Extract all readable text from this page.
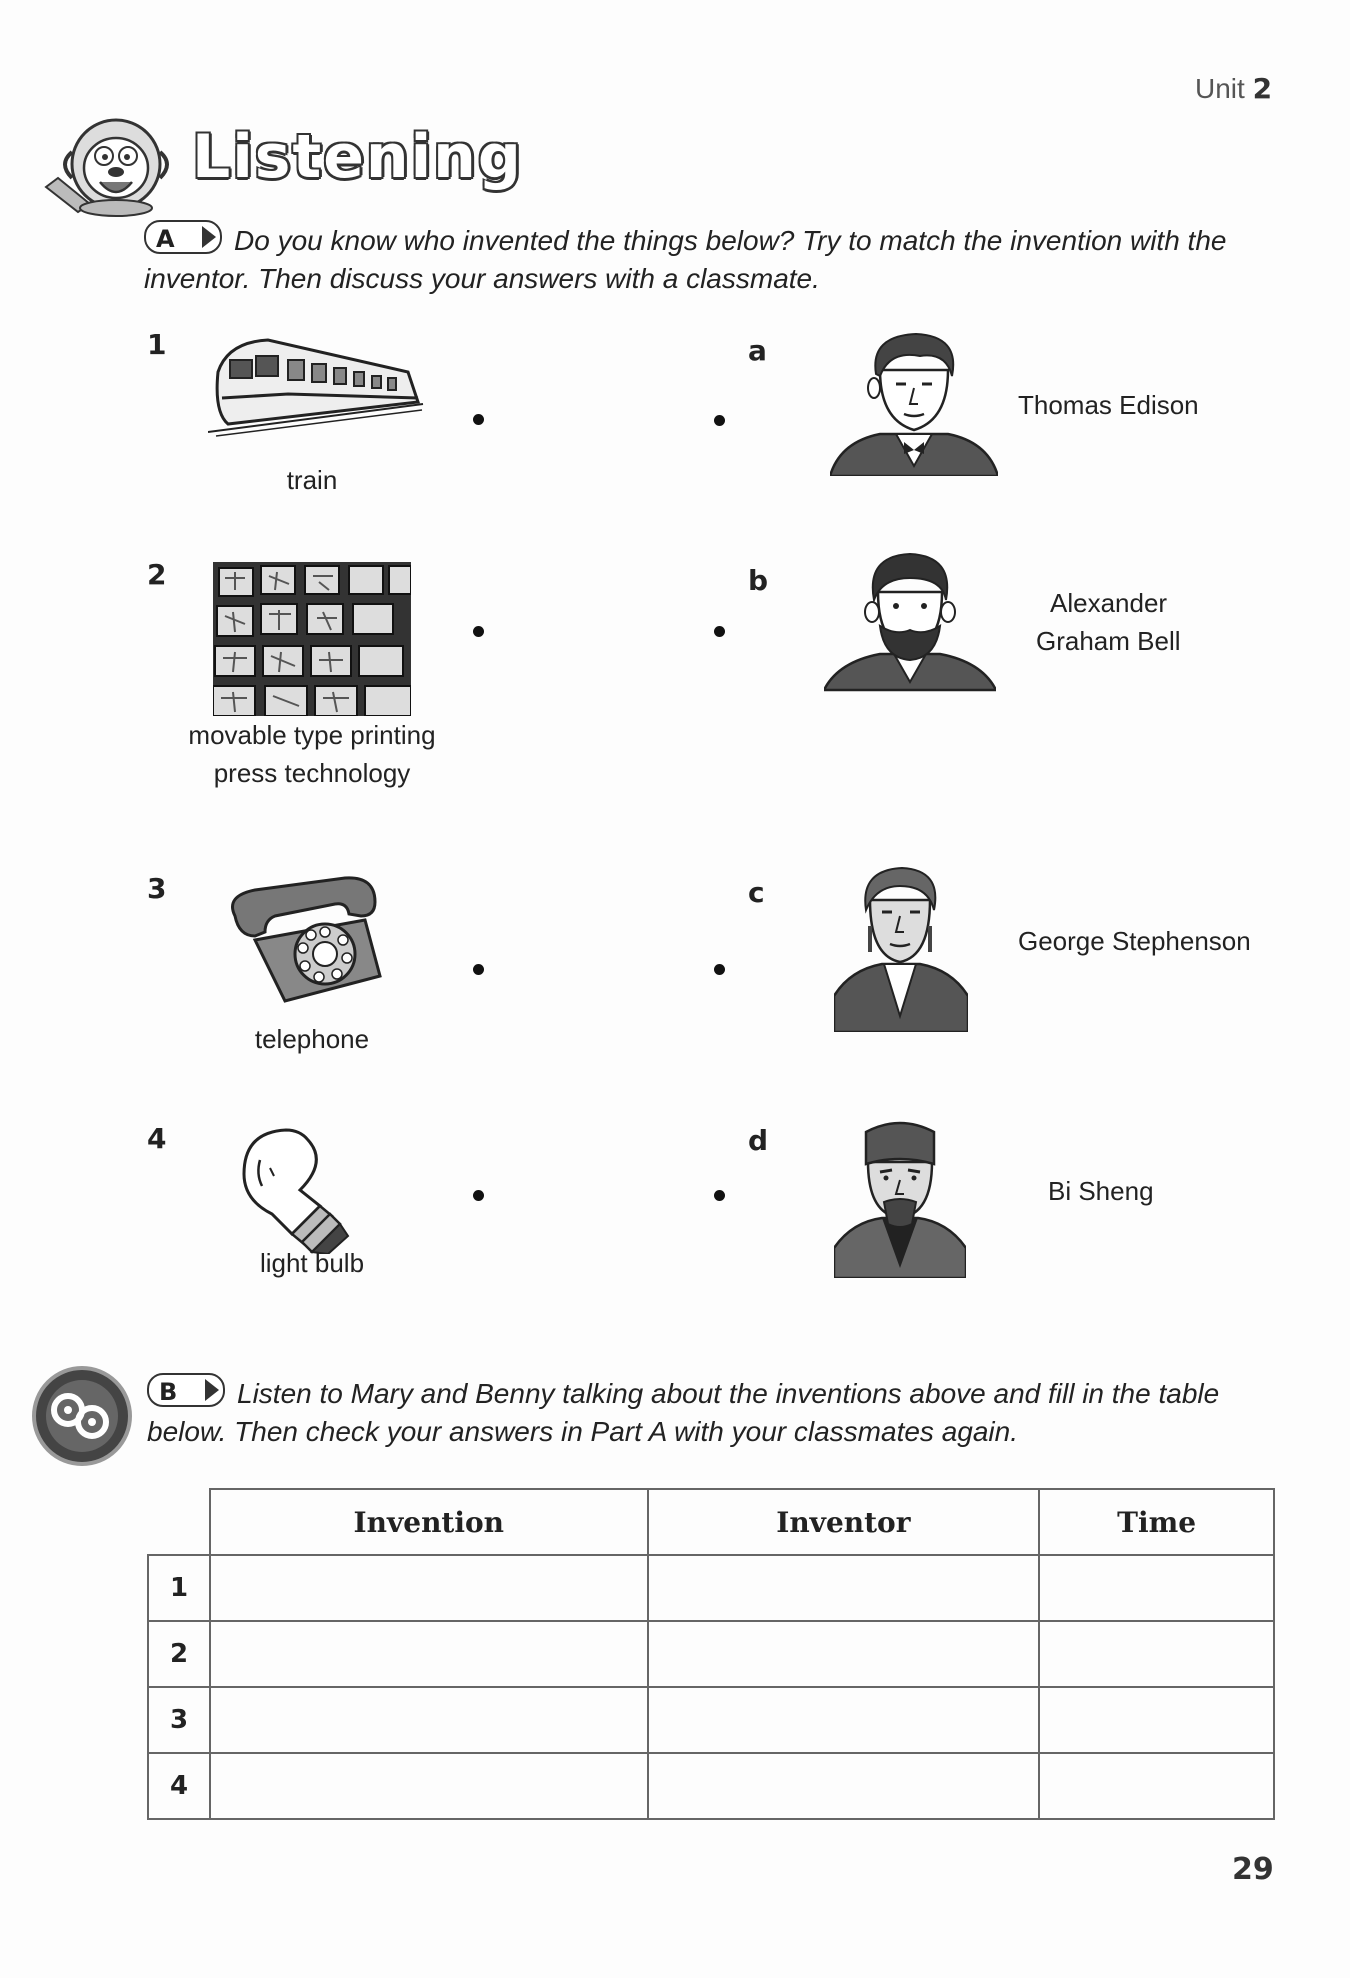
Unit 2
Listening
A Do you know who invented the things below? Try to match the invention with the inventor. Then discuss your answers with a classmate.
1
train
2
movable type printing
press technology
3
telephone
4
light bulb
a
Thomas Edison
b
Alexander
Graham Bell
c
George Stephenson
d
Bi Sheng
B Listen to Mary and Benny talking about the inventions above and fill in the table below. Then check your answers in Part A with your classmates again.
	Invention	Inventor	Time
1			
2			
3			
4			
29
